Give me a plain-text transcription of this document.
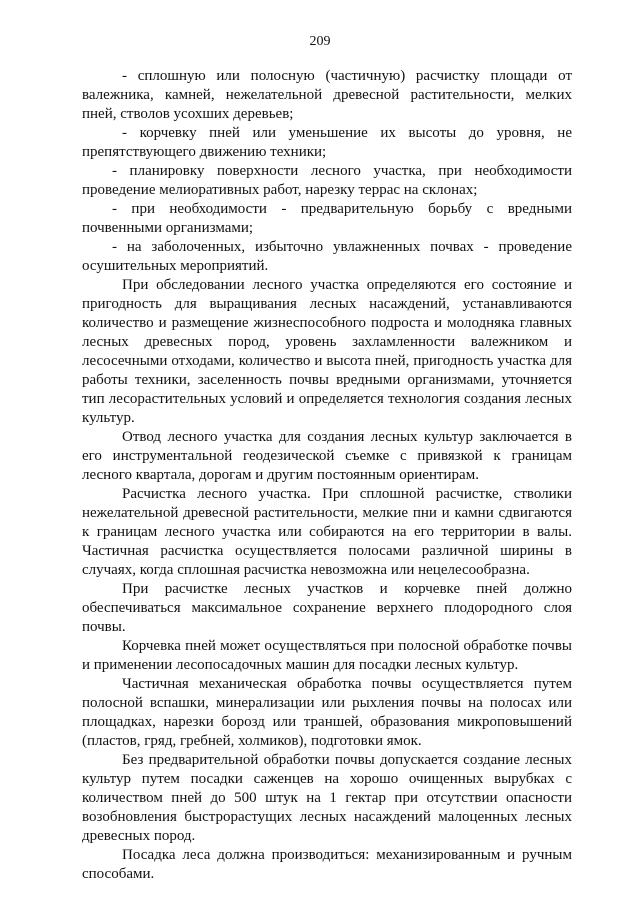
209

- сплошную или полосную (частичную) расчистку площади от валежника, камней, нежелательной древесной растительности, мелких пней, стволов усохших деревьев;

- корчевку пней или уменьшение их высоты до уровня, не препятствующего движению техники;

- планировку поверхности лесного участка, при необходимости проведение мелиоративных работ, нарезку террас на склонах;

- при необходимости - предварительную борьбу с вредными почвенными организмами;

- на заболоченных, избыточно увлажненных почвах - проведение осушительных мероприятий.

При обследовании лесного участка определяются его состояние и пригодность для выращивания лесных насаждений, устанавливаются количество и размещение жизнеспособного подроста и молодняка главных лесных древесных пород, уровень захламленности валежником и лесосечными отходами, количество и высота пней, пригодность участка для работы техники, заселенность почвы вредными организмами, уточняется тип лесорастительных условий и определяется технология создания лесных культур.

Отвод лесного участка для создания лесных культур заключается в его инструментальной геодезической съемке с привязкой к границам лесного квартала, дорогам и другим постоянным ориентирам.

Расчистка лесного участка. При сплошной расчистке, стволики нежелательной древесной растительности, мелкие пни и камни сдвигаются к границам лесного участка или собираются на его территории в валы. Частичная расчистка осуществляется полосами различной ширины в случаях, когда сплошная расчистка невозможна или нецелесообразна.

При расчистке лесных участков и корчевке пней должно обеспечиваться максимальное сохранение верхнего плодородного слоя почвы.

Корчевка пней может осуществляться при полосной обработке почвы и применении лесопосадочных машин для посадки лесных культур.

Частичная механическая обработка почвы осуществляется путем полосной вспашки, минерализации или рыхления почвы на полосах или площадках, нарезки борозд или траншей, образования микроповышений (пластов, гряд, гребней, холмиков), подготовки ямок.

Без предварительной обработки почвы допускается создание лесных культур путем посадки саженцев на хорошо очищенных вырубках с количеством пней до 500 штук на 1 гектар при отсутствии опасности возобновления быстрорастущих лесных насаждений малоценных лесных древесных пород.

Посадка леса должна производиться: механизированным и ручным способами.
